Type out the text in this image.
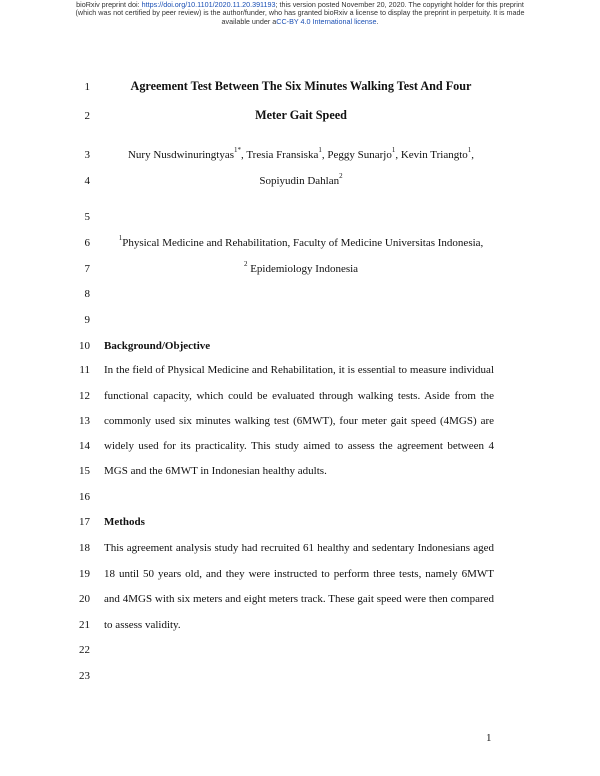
bioRxiv preprint doi: https://doi.org/10.1101/2020.11.20.391193; this version posted November 20, 2020. The copyright holder for this preprint
(which was not certified by peer review) is the author/funder, who has granted bioRxiv a license to display the preprint in perpetuity. It is made
available under aCC-BY 4.0 International license.
1
2
3
4
5
6
7
8
9
10
11
12
13
14
15
16
17
18
19
20
21
22
23
Agreement Test Between The Six Minutes Walking Test And Four
Meter Gait Speed
Nury Nusdwinuringtyas$^{1*}$, Tresia Fransiska$^1$, Peggy Sunarjo$^1$, Kevin Triangto$^1$,
Sopiyudin Dahlan$^2$
$^1$Physical Medicine and Rehabilitation, Faculty of Medicine Universitas Indonesia,
$^2$ Epidemiology Indonesia
Background/Objective
In the field of Physical Medicine and Rehabilitation, it is essential to measure individual
functional capacity, which could be evaluated through walking tests. Aside from the
commonly used six minutes walking test (6MWT), four meter gait speed (4MGS) are
widely used for its practicality. This study aimed to assess the agreement between 4
MGS and the 6MWT in Indonesian healthy adults.
Methods
This agreement analysis study had recruited 61 healthy and sedentary Indonesians aged
18 until 50 years old, and they were instructed to perform three tests, namely 6MWT
and 4MGS with six meters and eight meters track. These gait speed were then compared
to assess validity.
1
